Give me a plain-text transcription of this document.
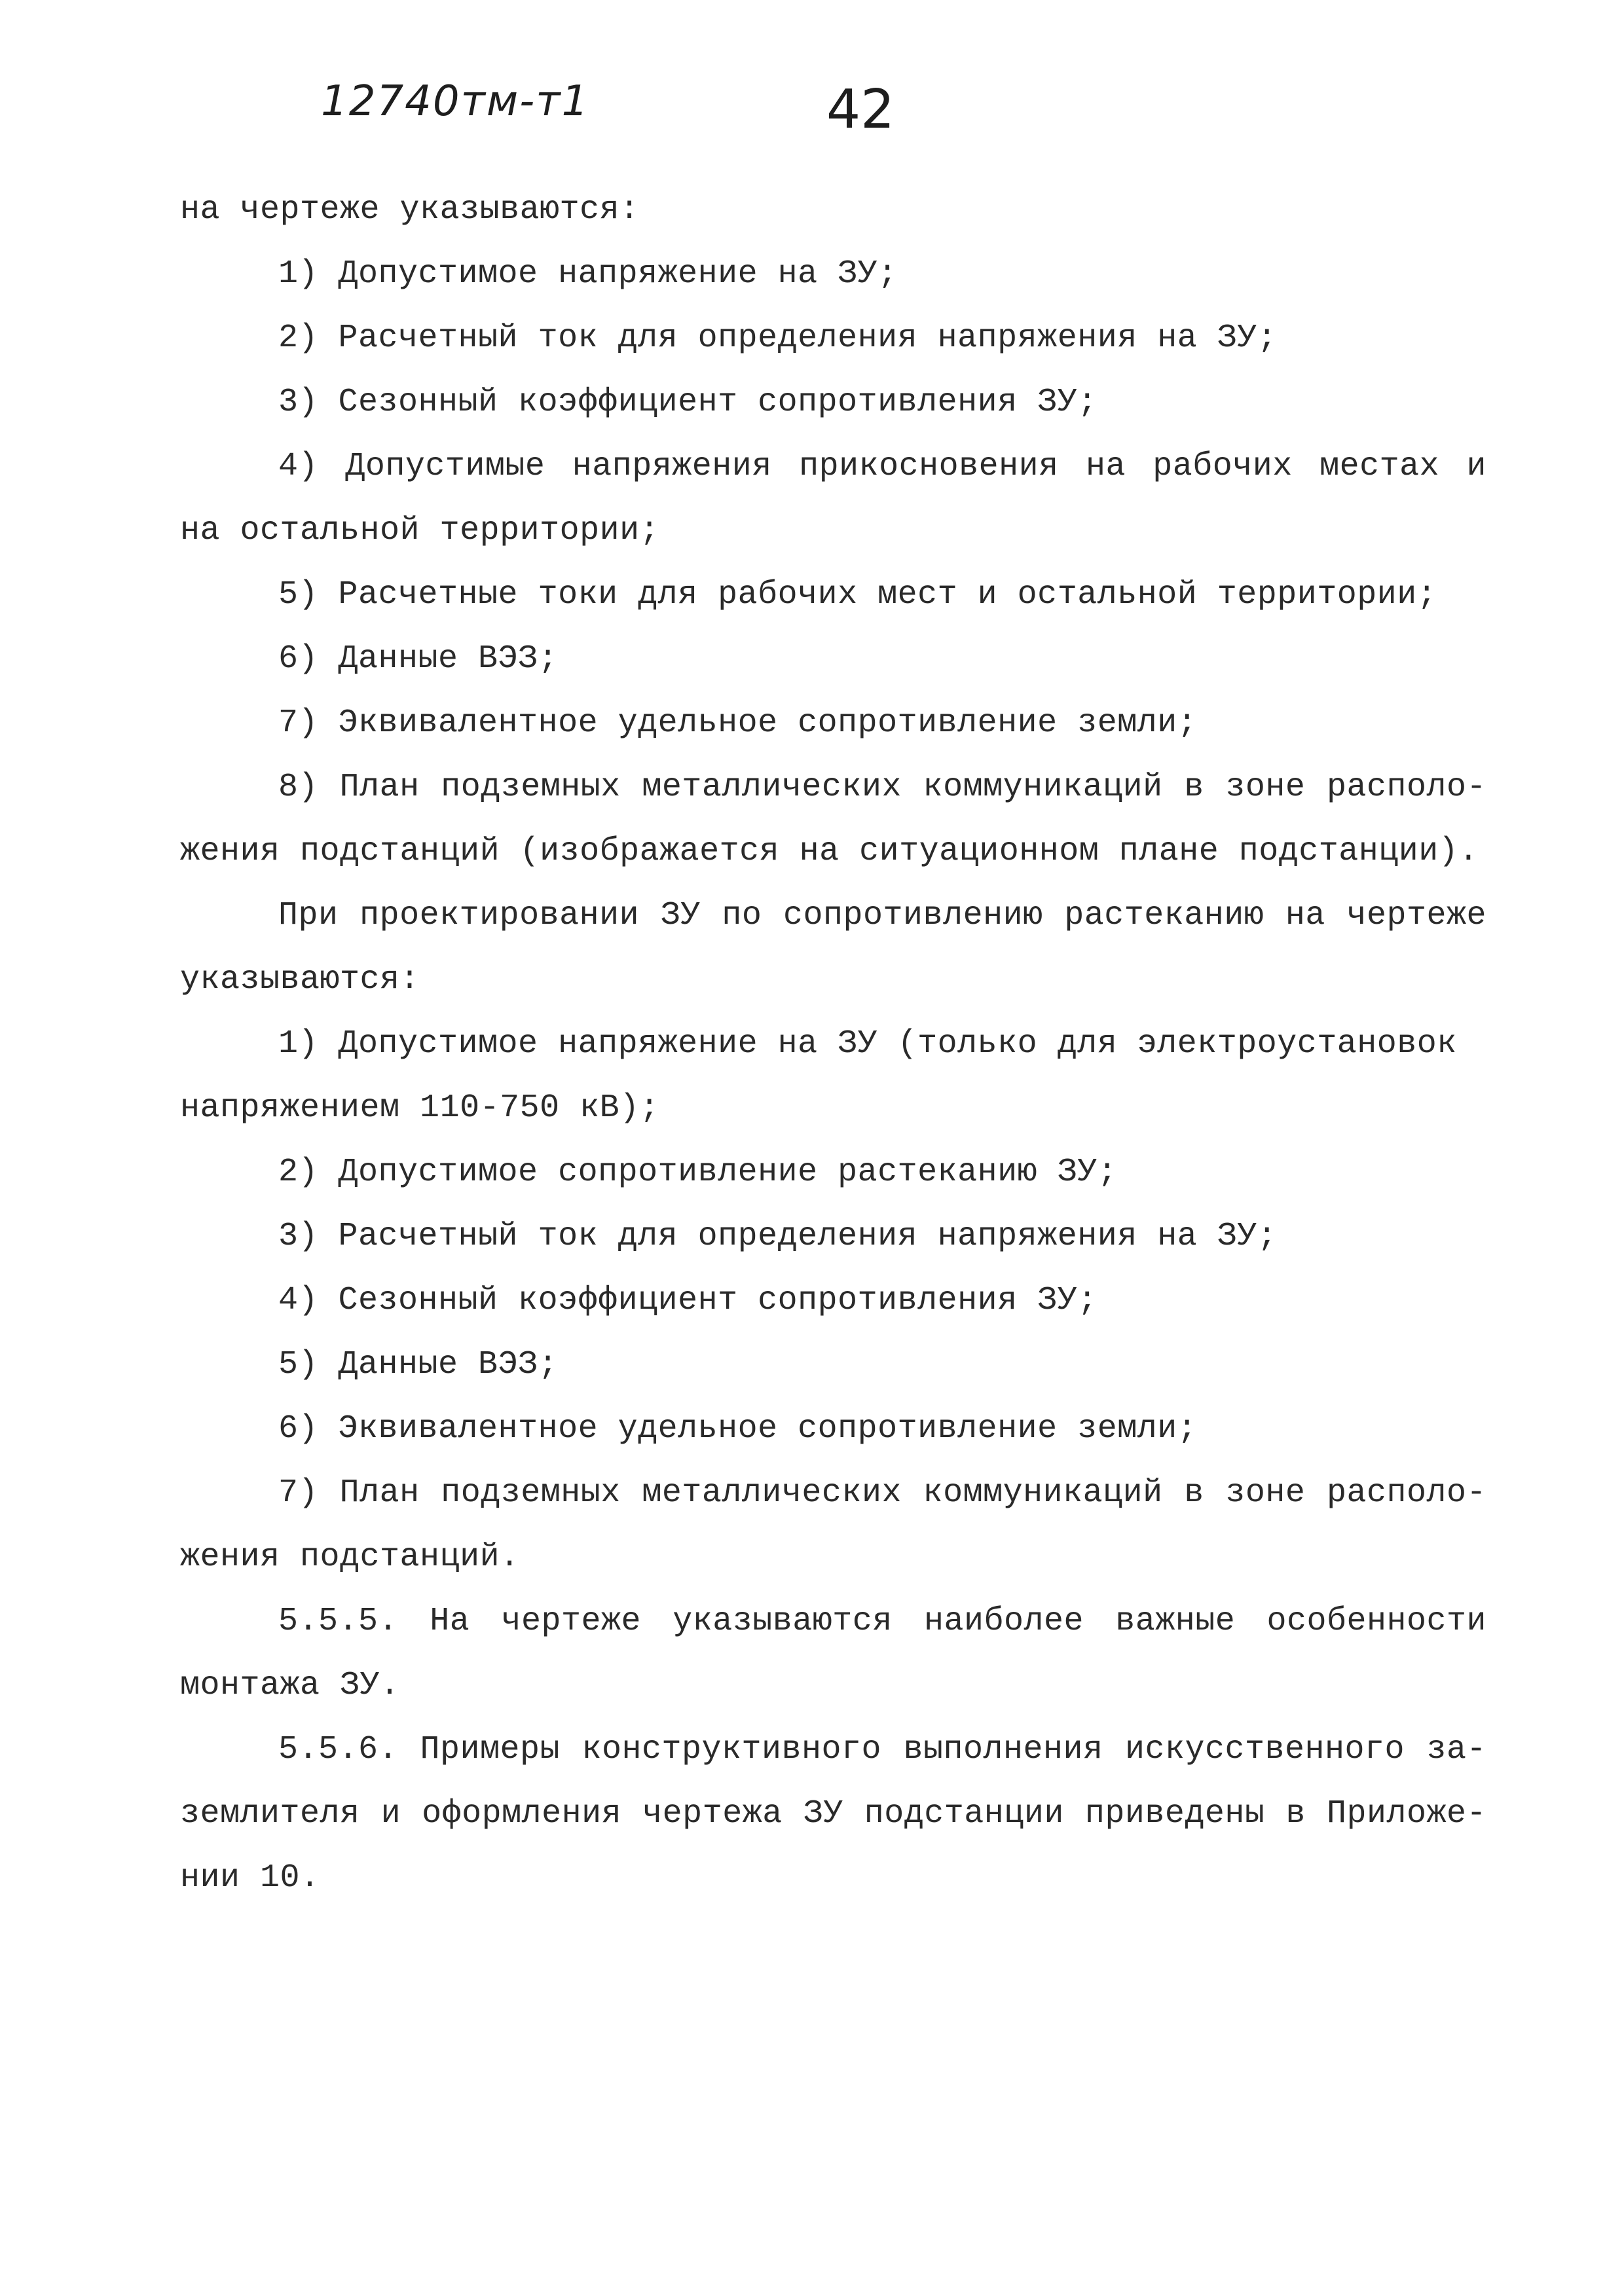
12740тм-т1	42
на чертеже указываются:
1) Допустимое напряжение на ЗУ;
2) Расчетный ток для определения напряжения на ЗУ;
3) Сезонный коэффициент сопротивления ЗУ;
4) Допустимые напряжения прикосновения на рабочих местах и
на остальной территории;
5) Расчетные токи для рабочих мест и остальной территории;
6) Данные ВЭЗ;
7) Эквивалентное удельное сопротивление земли;
8) План подземных металлических коммуникаций в зоне располо-
жения подстанций (изображается на ситуационном плане подстанции).
При проектировании ЗУ по сопротивлению растеканию на чертеже
указываются:
1) Допустимое напряжение на ЗУ (только для электроустановок
напряжением 110-750 кВ);
2) Допустимое сопротивление растеканию ЗУ;
3) Расчетный ток для определения напряжения на ЗУ;
4) Сезонный коэффициент сопротивления ЗУ;
5) Данные ВЭЗ;
6) Эквивалентное удельное сопротивление земли;
7) План подземных металлических коммуникаций в зоне располо-
жения подстанций.
5.5.5. На чертеже указываются наиболее важные особенности
монтажа ЗУ.
5.5.6. Примеры конструктивного выполнения искусственного за-
землителя и оформления чертежа ЗУ подстанции приведены в Приложе-
нии 10.
